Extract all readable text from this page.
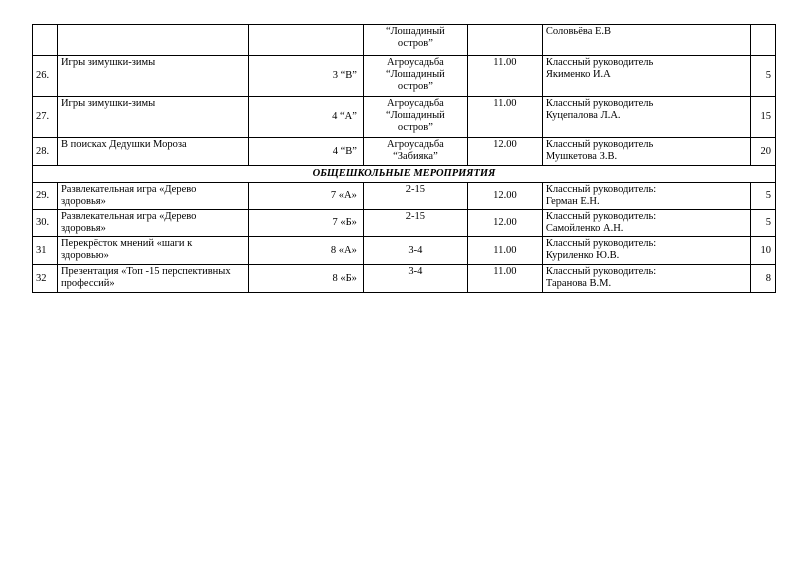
			“Лошадиный
остров”		Соловьёва Е.В	

26.	Игры зимушки-зимы	3 “В”	Агроусадьба
“Лошадиный
остров”	11.00	Классный руководитель
Якименко И.А	5
27.	Игры зимушки-зимы	4 “А”	Агроусадьба
“Лошадиный
остров”	11.00	Классный руководитель
Куцепалова Л.А.	15
28.	В поисках Дедушки Мороза	4 “В”	Агроусадьба
“Забияка”	12.00	Классный руководитель
Мушкетова З.В.	20
ОБЩЕШКОЛЬНЫЕ МЕРОПРИЯТИЯ						
29.	Развлекательная игра «Дерево
здоровья»	7 «А»	2-15	12.00	Классный руководитель:
Герман Е.Н.	5
30.	Развлекательная игра «Дерево
здоровья»	7 «Б»	2-15	12.00	Классный руководитель:
Самойленко А.Н.	5
31	Перекрёсток мнений «шаги к
здоровью»	8 «А»	3-4	11.00	Классный руководитель:
Куриленко Ю.В.	10
32	Презентация «Топ -15 перспективных
профессий»	8 «Б»	3-4	11.00	Классный руководитель:
Таранова В.М.	8
